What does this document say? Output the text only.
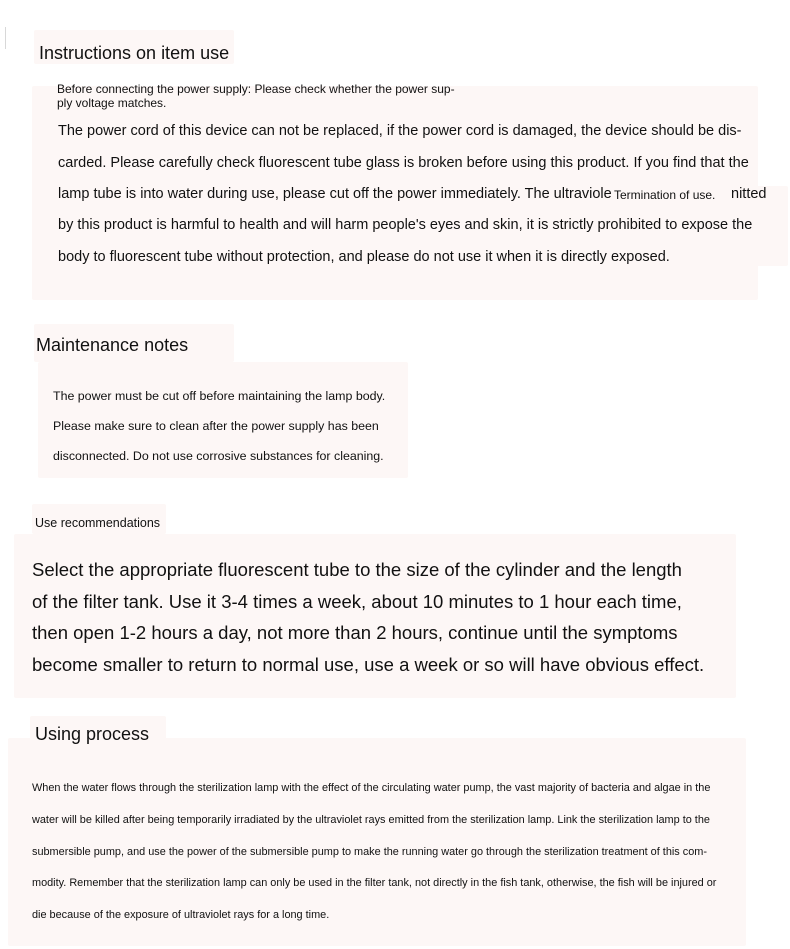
Instructions on item use
Before connecting the power supply: Please check whether the power sup-
ply voltage matches.
The power cord of this device can not be replaced, if the power cord is damaged, the device should be dis-
carded. Please carefully check fluorescent tube glass is broken before using this product. If you find that the
lamp tube is into water during use, please cut off the power immediately. The ultraviole Termination of use. nitted
by this product is harmful to health and will harm people's eyes and skin, it is strictly prohibited to expose the
body to fluorescent tube without protection, and please do not use it when it is directly exposed.
Maintenance notes
The power must be cut off before maintaining the lamp body.
Please make sure to clean after the power supply has been
disconnected. Do not use corrosive substances for cleaning.
Use recommendations
Select the appropriate fluorescent tube to the size of the cylinder and the length
of the filter tank. Use it 3-4 times a week, about 10 minutes to 1 hour each time,
then open 1-2 hours a day, not more than 2 hours, continue until the symptoms
become smaller to return to normal use, use a week or so will have obvious effect.
Using process
When the water flows through the sterilization lamp with the effect of the circulating water pump, the vast majority of bacteria and algae in the
water will be killed after being temporarily irradiated by the ultraviolet rays emitted from the sterilization lamp. Link the sterilization lamp to the
submersible pump, and use the power of the submersible pump to make the running water go through the sterilization treatment of this com-
modity. Remember that the sterilization lamp can only be used in the filter tank, not directly in the fish tank, otherwise, the fish will be injured or
die because of the exposure of ultraviolet rays for a long time.
